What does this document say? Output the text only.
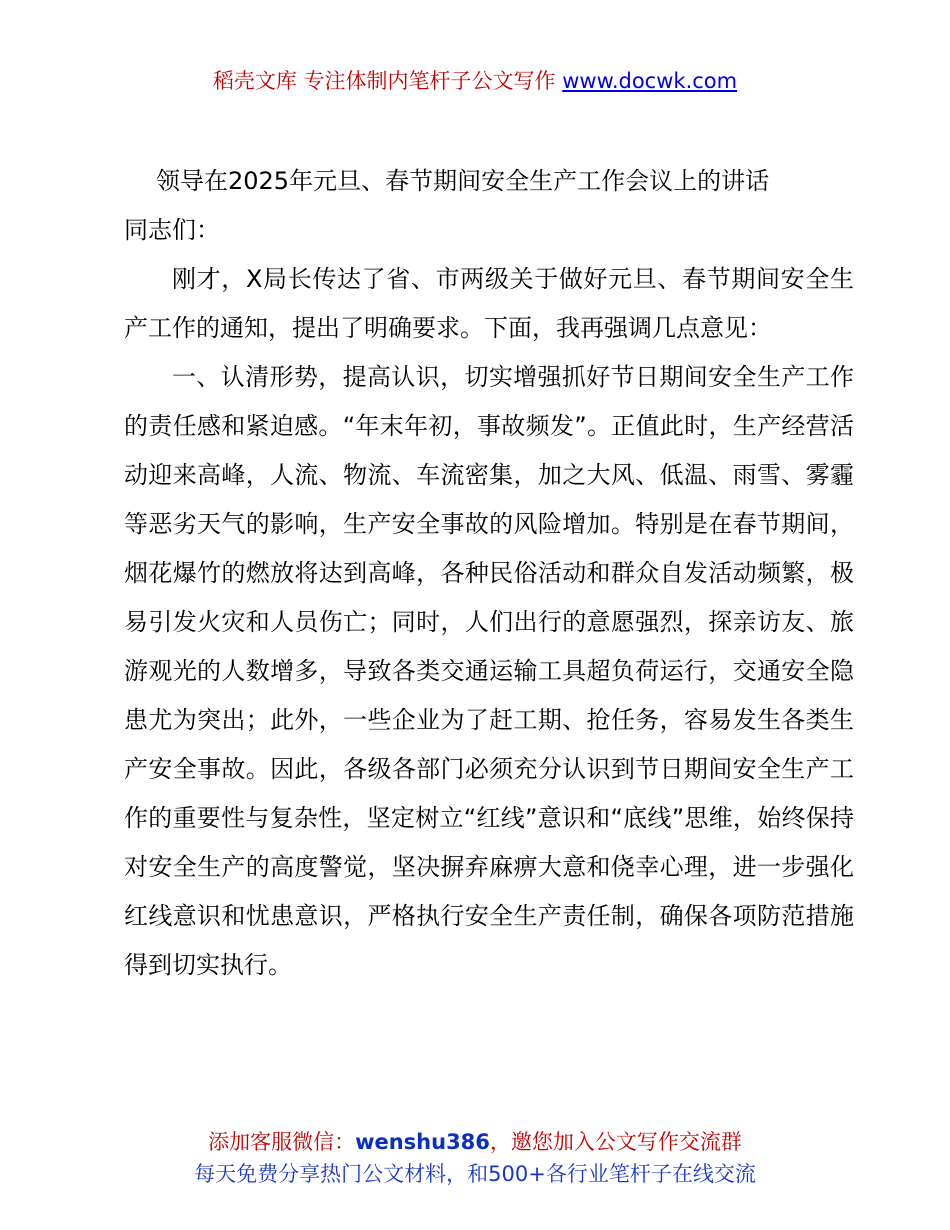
稻壳文库 专注体制内笔杆子公文写作 www.docwk.com

领导在2025年元旦、春节期间安全生产工作会议上的讲话

同志们：

刚才，X局长传达了省、市两级关于做好元旦、春节期间安全生产工作的通知，提出了明确要求。下面，我再强调几点意见：

一、认清形势，提高认识，切实增强抓好节日期间安全生产工作的责任感和紧迫感。“年末年初，事故频发”。正值此时，生产经营活动迎来高峰，人流、物流、车流密集，加之大风、低温、雨雪、雾霾等恶劣天气的影响，生产安全事故的风险增加。特别是在春节期间，烟花爆竹的燃放将达到高峰，各种民俗活动和群众自发活动频繁，极易引发火灾和人员伤亡；同时，人们出行的意愿强烈，探亲访友、旅游观光的人数增多，导致各类交通运输工具超负荷运行，交通安全隐患尤为突出；此外，一些企业为了赶工期、抢任务，容易发生各类生产安全事故。因此，各级各部门必须充分认识到节日期间安全生产工作的重要性与复杂性，坚定树立“红线”意识和“底线”思维，始终保持对安全生产的高度警觉，坚决摒弃麻痹大意和侥幸心理，进一步强化红线意识和忧患意识，严格执行安全生产责任制，确保各项防范措施得到切实执行。

添加客服微信：wenshu386，邀您加入公文写作交流群
每天免费分享热门公文材料，和500+各行业笔杆子在线交流
